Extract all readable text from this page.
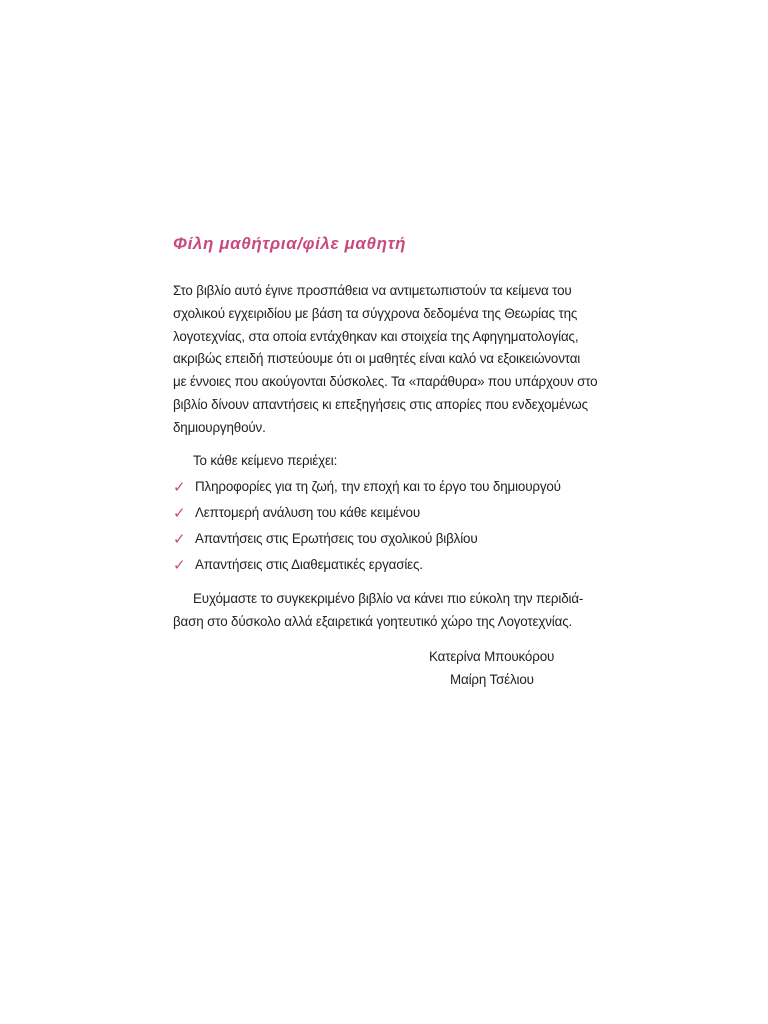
Φίλη μαθήτρια/φίλε μαθητή

Στο βιβλίο αυτό έγινε προσπάθεια να αντιμετωπιστούν τα κείμενα του
σχολικού εγχειριδίου με βάση τα σύγχρονα δεδομένα της Θεωρίας της
λογοτεχνίας, στα οποία εντάχθηκαν και στοιχεία της Αφηγηματολογίας,
ακριβώς επειδή πιστεύουμε ότι οι μαθητές είναι καλό να εξοικειώνονται
με έννοιες που ακούγονται δύσκολες. Τα «παράθυρα» που υπάρχουν στο
βιβλίο δίνουν απαντήσεις κι επεξηγήσεις στις απορίες που ενδεχομένως
δημιουργηθούν.

Το κάθε κείμενο περιέχει:

✓ Πληροφορίες για τη ζωή, την εποχή και το έργο του δημιουργού
✓ Λεπτομερή ανάλυση του κάθε κειμένου
✓ Απαντήσεις στις Ερωτήσεις του σχολικού βιβλίου
✓ Απαντήσεις στις Διαθεματικές εργασίες.

Ευχόμαστε το συγκεκριμένο βιβλίο να κάνει πιο εύκολη την περιδιά-
βαση στο δύσκολο αλλά εξαιρετικά γοητευτικό χώρο της Λογοτεχνίας.

Κατερίνα Μπουκόρου
Μαίρη Τσέλιου
